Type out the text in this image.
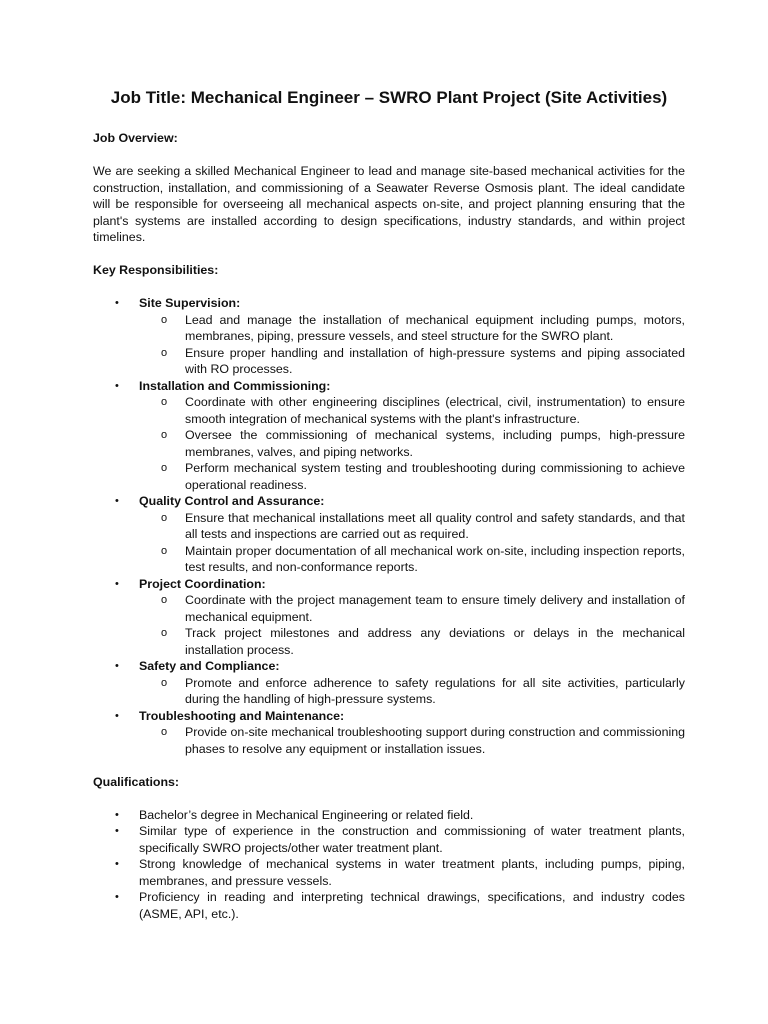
Job Title: Mechanical Engineer – SWRO Plant Project (Site Activities)
Job Overview:
We are seeking a skilled Mechanical Engineer to lead and manage site-based mechanical activities for the construction, installation, and commissioning of a Seawater Reverse Osmosis plant. The ideal candidate will be responsible for overseeing all mechanical aspects on-site, and project planning ensuring that the plant's systems are installed according to design specifications, industry standards, and within project timelines.
Key Responsibilities:
• Site Supervision:
o Lead and manage the installation of mechanical equipment including pumps, motors, membranes, piping, pressure vessels, and steel structure for the SWRO plant.
o Ensure proper handling and installation of high-pressure systems and piping associated with RO processes.
• Installation and Commissioning:
o Coordinate with other engineering disciplines (electrical, civil, instrumentation) to ensure smooth integration of mechanical systems with the plant's infrastructure.
o Oversee the commissioning of mechanical systems, including pumps, high-pressure membranes, valves, and piping networks.
o Perform mechanical system testing and troubleshooting during commissioning to achieve operational readiness.
• Quality Control and Assurance:
o Ensure that mechanical installations meet all quality control and safety standards, and that all tests and inspections are carried out as required.
o Maintain proper documentation of all mechanical work on-site, including inspection reports, test results, and non-conformance reports.
• Project Coordination:
o Coordinate with the project management team to ensure timely delivery and installation of mechanical equipment.
o Track project milestones and address any deviations or delays in the mechanical installation process.
• Safety and Compliance:
o Promote and enforce adherence to safety regulations for all site activities, particularly during the handling of high-pressure systems.
• Troubleshooting and Maintenance:
o Provide on-site mechanical troubleshooting support during construction and commissioning phases to resolve any equipment or installation issues.
Qualifications:
• Bachelor’s degree in Mechanical Engineering or related field.
• Similar type of experience in the construction and commissioning of water treatment plants, specifically SWRO projects/other water treatment plant.
• Strong knowledge of mechanical systems in water treatment plants, including pumps, piping, membranes, and pressure vessels.
• Proficiency in reading and interpreting technical drawings, specifications, and industry codes (ASME, API, etc.).
